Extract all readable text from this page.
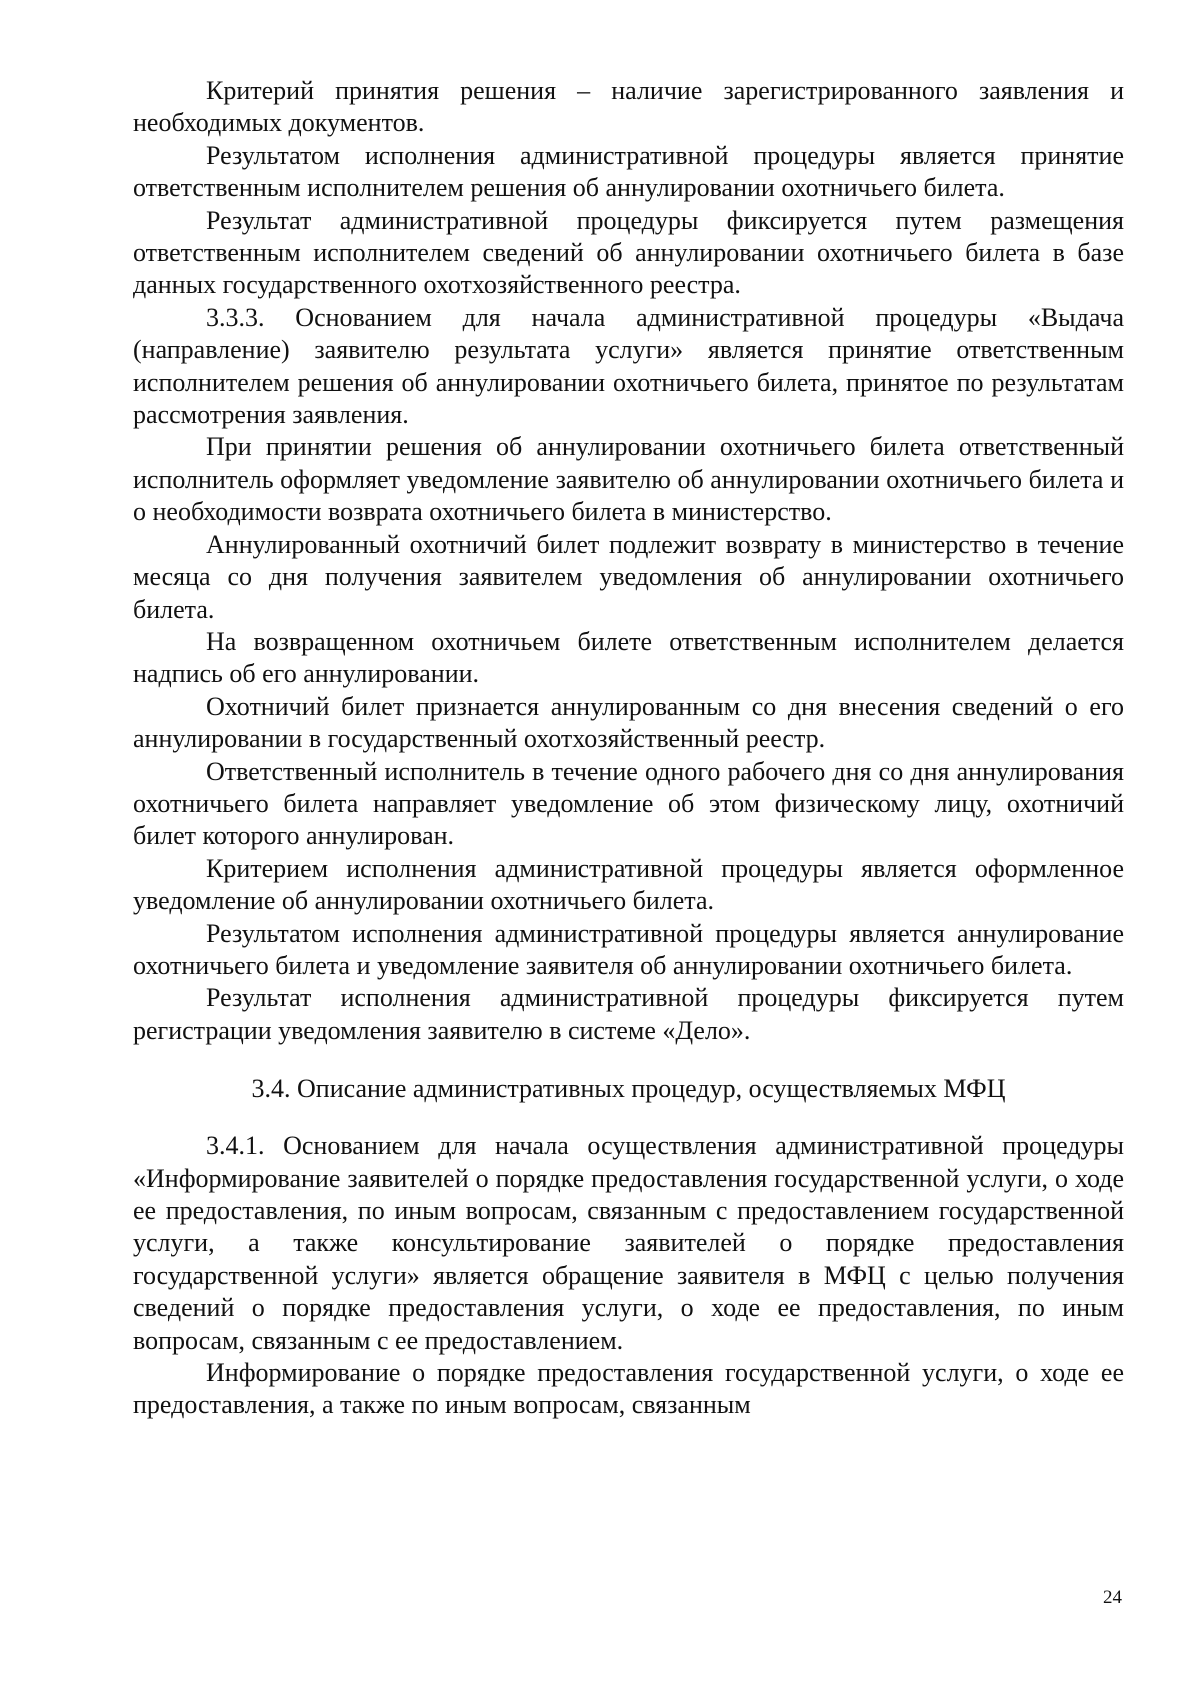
Критерий принятия решения – наличие зарегистрированного заявления и необходимых документов.

Результатом исполнения административной процедуры является принятие ответственным исполнителем решения об аннулировании охотничьего билета.

Результат административной процедуры фиксируется путем размещения ответственным исполнителем сведений об аннулировании охотничьего билета в базе данных государственного охотхозяйственного реестра.

3.3.3. Основанием для начала административной процедуры «Выдача (направление) заявителю результата услуги» является принятие ответственным исполнителем решения об аннулировании охотничьего билета, принятое по результатам рассмотрения заявления.

При принятии решения об аннулировании охотничьего билета ответственный исполнитель оформляет уведомление заявителю об аннулировании охотничьего билета и о необходимости возврата охотничьего билета в министерство.

Аннулированный охотничий билет подлежит возврату в министерство в течение месяца со дня получения заявителем уведомления об аннулировании охотничьего билета.

На возвращенном охотничьем билете ответственным исполнителем делается надпись об его аннулировании.

Охотничий билет признается аннулированным со дня внесения сведений о его аннулировании в государственный охотхозяйственный реестр.

Ответственный исполнитель в течение одного рабочего дня со дня аннулирования охотничьего билета направляет уведомление об этом физическому лицу, охотничий билет которого аннулирован.

Критерием исполнения административной процедуры является оформленное уведомление об аннулировании охотничьего билета.

Результатом исполнения административной процедуры является аннулирование охотничьего билета и уведомление заявителя об аннулировании охотничьего билета.

Результат исполнения административной процедуры фиксируется путем регистрации уведомления заявителю в системе «Дело».

3.4. Описание административных процедур, осуществляемых МФЦ

3.4.1. Основанием для начала осуществления административной процедуры «Информирование заявителей о порядке предоставления государственной услуги, о ходе ее предоставления, по иным вопросам, связанным с предоставлением государственной услуги, а также консультирование заявителей о порядке предоставления государственной услуги» является обращение заявителя в МФЦ с целью получения сведений о порядке предоставления услуги, о ходе ее предоставления, по иным вопросам, связанным с ее предоставлением.

Информирование о порядке предоставления государственной услуги, о ходе ее предоставления, а также по иным вопросам, связанным

24
